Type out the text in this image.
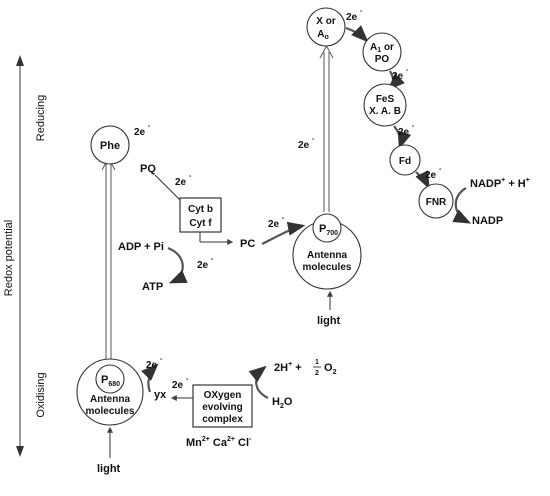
Reducing
Redox potential
Oxidising
Phe
2e
-
PQ
2e
-
Cyt b
Cyt f
ADP + Pi
ATP
2e
-
PC
2e
-
$P_{700}$
Antenna
molecules
light
2e
-
X or
$A_o$
2e
-
$A_1$ or
PO
2e
-
FeS
X. A. B
2e
-
Fd
2e
-
FNR
NADP+ + H+
NADP
$P_{680}$
Antenna
molecules
light
yx
2e
-
OXygen
evolving
complex
2e
-
$Mn^{2+}$ $Ca^{2+}$ Cl-
$H_2O$
2H+ + 1
2 $O_2$
